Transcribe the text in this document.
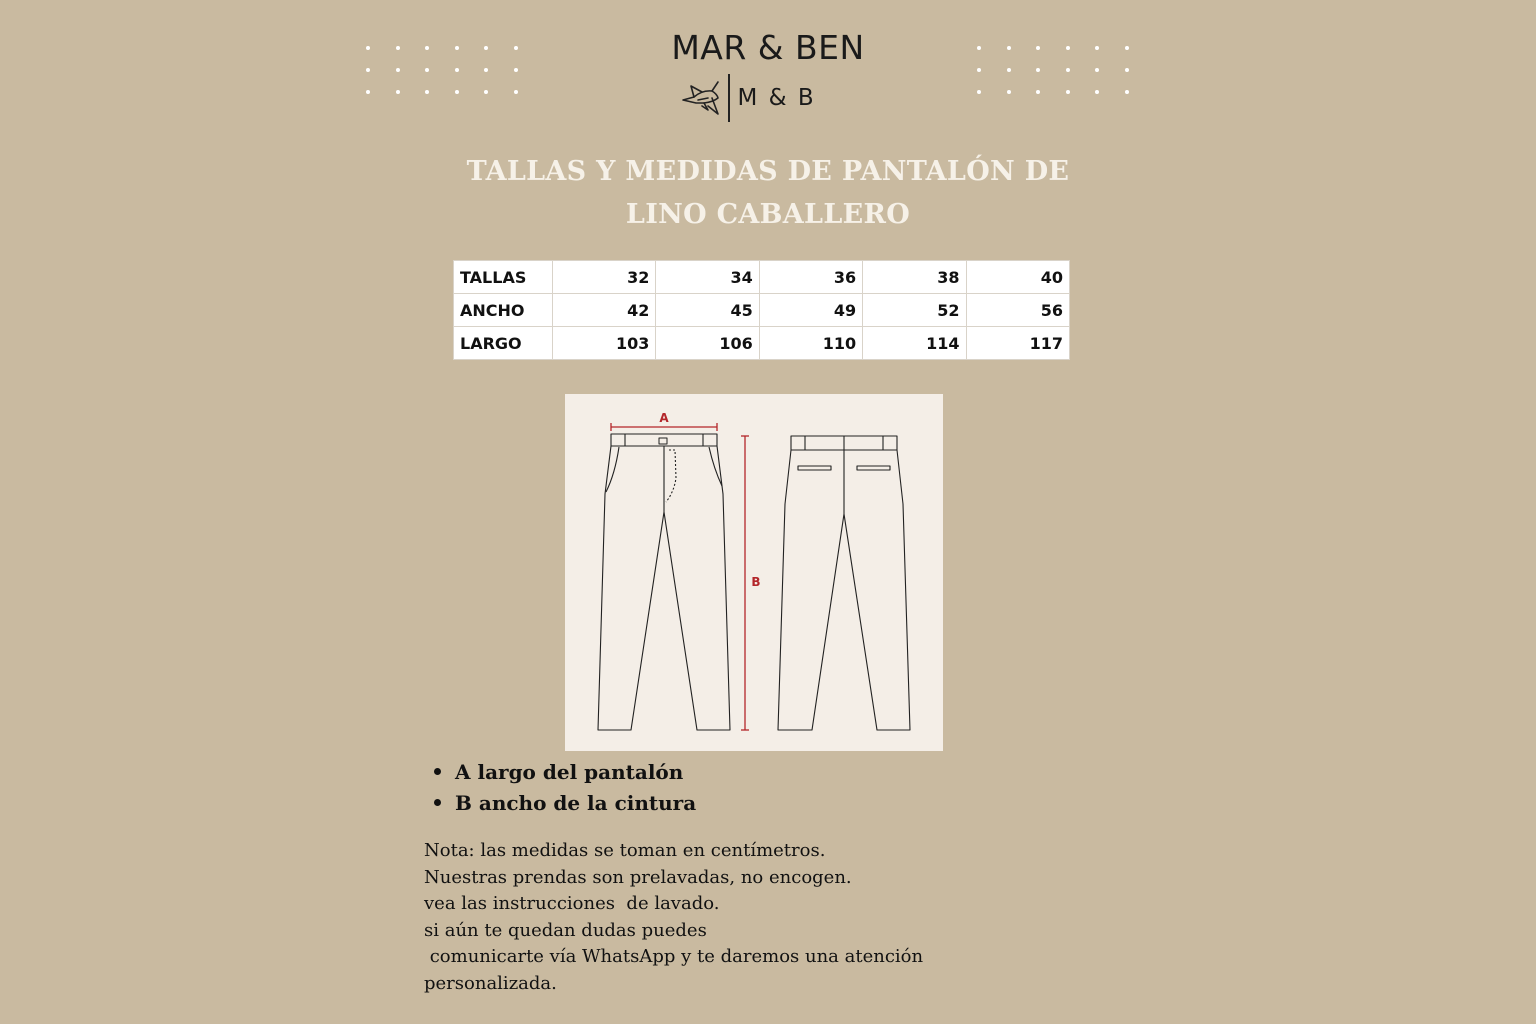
MAR & BEN
M & B
TALLAS Y MEDIDAS DE PANTALÓN DE
LINO CABALLERO
TALLAS	32	34	36	38	40
ANCHO	42	45	49	52	56
LARGO	103	106	110	114	117
A
B
A largo del pantalón
B ancho de la cintura
Nota: las medidas se toman en centímetros.
Nuestras prendas son prelavadas, no encogen.
vea las instrucciones  de lavado.
si aún te quedan dudas puedes
comunicarte vía WhatsApp y te daremos una atención
personalizada.
